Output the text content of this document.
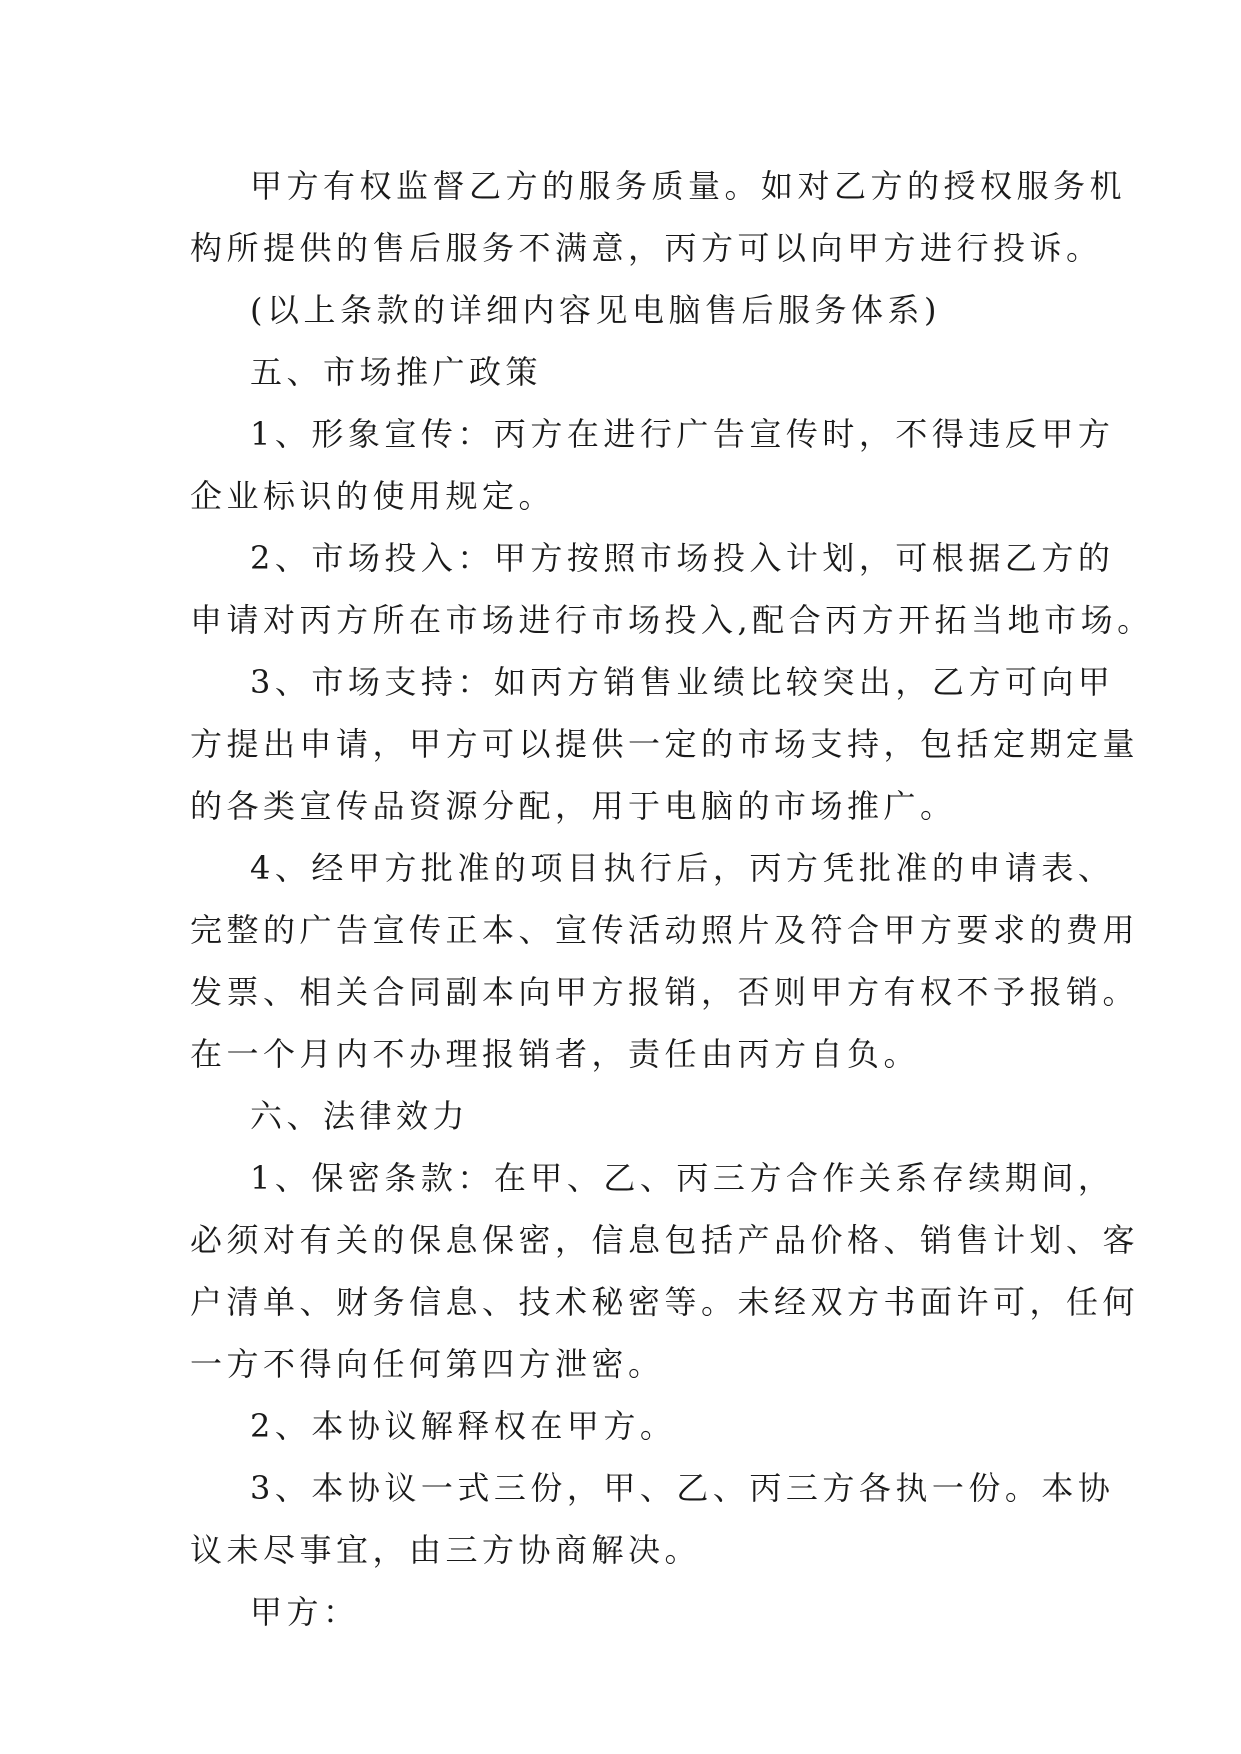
甲方有权监督乙方的服务质量。如对乙方的授权服务机
构所提供的售后服务不满意，丙方可以向甲方进行投诉。
(以上条款的详细内容见电脑售后服务体系)
五、市场推广政策
1、形象宣传：丙方在进行广告宣传时，不得违反甲方
企业标识的使用规定。
2、市场投入：甲方按照市场投入计划，可根据乙方的
申请对丙方所在市场进行市场投入,配合丙方开拓当地市场。
3、市场支持：如丙方销售业绩比较突出，乙方可向甲
方提出申请，甲方可以提供一定的市场支持，包括定期定量
的各类宣传品资源分配，用于电脑的市场推广。
4、经甲方批准的项目执行后，丙方凭批准的申请表、
完整的广告宣传正本、宣传活动照片及符合甲方要求的费用
发票、相关合同副本向甲方报销，否则甲方有权不予报销。
在一个月内不办理报销者，责任由丙方自负。
六、法律效力
1、保密条款：在甲、乙、丙三方合作关系存续期间，
必须对有关的保息保密，信息包括产品价格、销售计划、客
户清单、财务信息、技术秘密等。未经双方书面许可，任何
一方不得向任何第四方泄密。
2、本协议解释权在甲方。
3、本协议一式三份，甲、乙、丙三方各执一份。本协
议未尽事宜，由三方协商解决。
甲方：
